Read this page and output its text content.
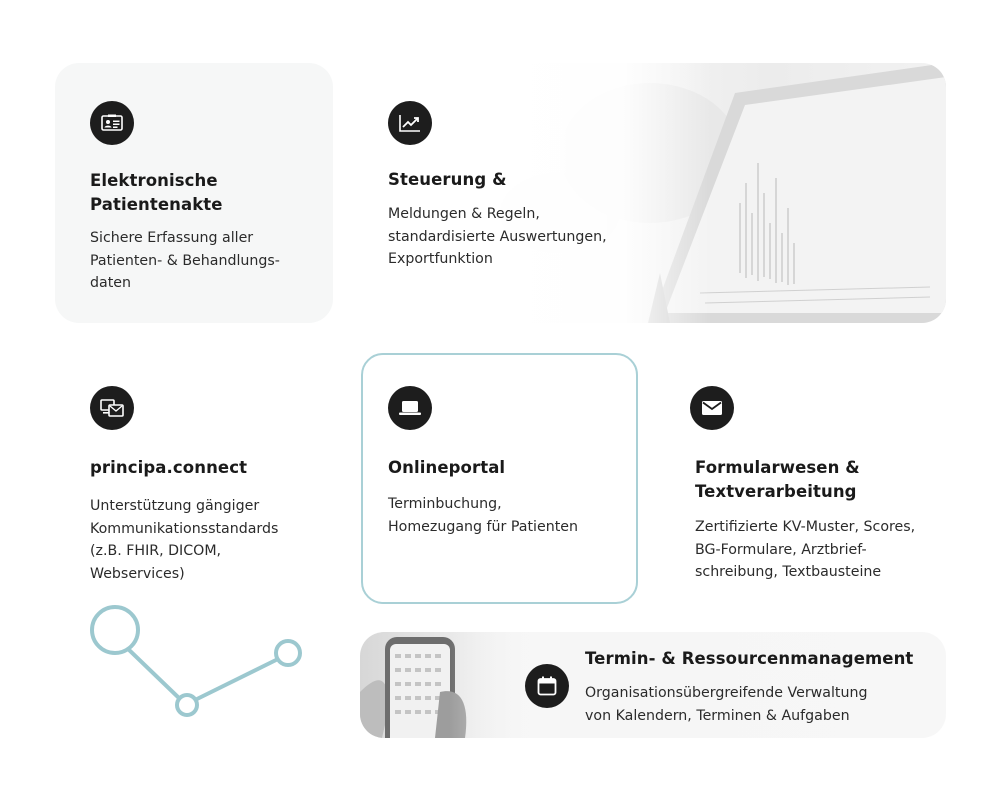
Elektronische
Patientenakte
Sichere Erfassung aller
Patienten- & Behandlungs-
daten
Steuerung &
Meldungen & Regeln,
standardisierte Auswertungen,
Exportfunktion
principa.connect
Unterstützung gängiger
Kommunikationsstandards
(z.B. FHIR, DICOM,
Webservices)
Onlineportal
Terminbuchung,
Homezugang für Patienten
Formularwesen &
Textverarbeitung
Zertifizierte KV-Muster, Scores,
BG-Formulare, Arztbrief-
schreibung, Textbausteine
Termin- & Ressourcenmanagement
Organisationsübergreifende Verwaltung
von Kalendern, Terminen & Aufgaben
